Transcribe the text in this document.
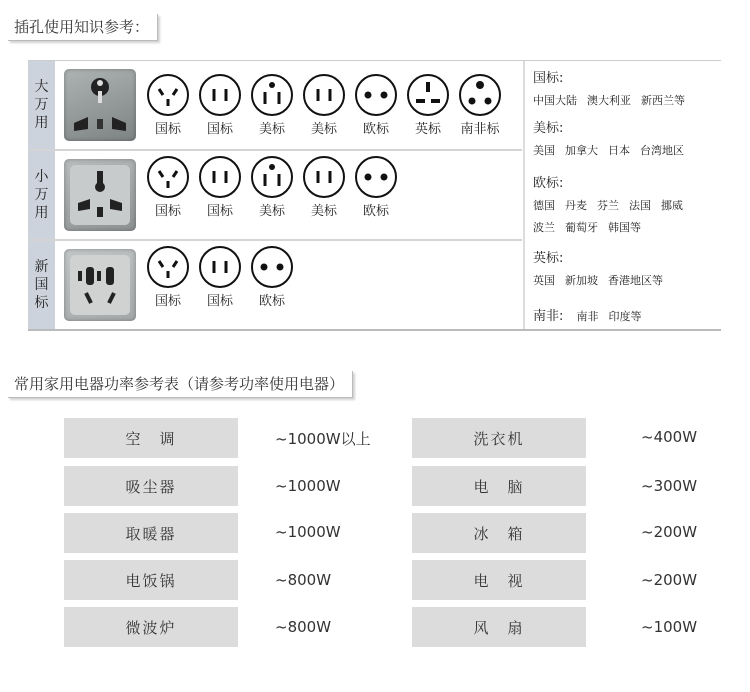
插孔使用知识参考：
大万用	国标	国标	美标	美标	欧标	英标	南非标
小万用	国标	国标	美标	美标	欧标
新国标	国标	国标	欧标
国标:
中国大陆 澳大利亚 新西兰等
美标:
美国 加拿大 日本 台湾地区
欧标:
德国 丹麦 芬兰 法国 挪威
波兰 葡萄牙 韩国等
英标:
英国 新加坡 香港地区等
南非: 南非 印度等
常用家用电器功率参考表（请参考功率使用电器）
空　调	~1000W以上	洗衣机	~400W
吸尘器	~1000W	电　脑	~300W
取暖器	~1000W	冰　箱	~200W
电饭锅	~800W	电　视	~200W
微波炉	~800W	风　扇	~100W
